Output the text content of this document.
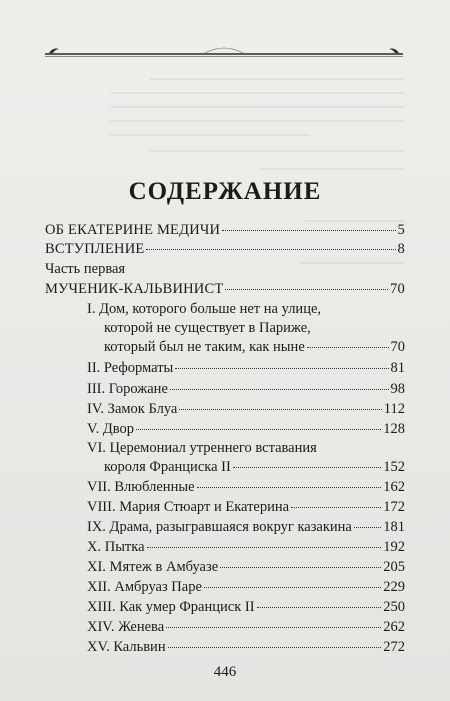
СОДЕРЖАНИЕ
ОБ ЕКАТЕРИНЕ МЕДИЧИ	5
ВСТУПЛЕНИЕ	8
Часть первая
МУЧЕНИК-КАЛЬВИНИСТ	70
I. Дом, которого больше нет на улице,
которой не существует в Париже,
который был не таким, как ныне	70
II. Реформаты	81
III. Горожане	98
IV. Замок Блуа	112
V. Двор	128
VI. Церемониал утреннего вставания
короля Франциска II	152
VII. Влюбленные	162
VIII. Мария Стюарт и Екатерина	172
IX. Драма, разыгравшаяся вокруг казакина 181
X. Пытка	192
XI. Мятеж в Амбуазе	205
XII. Амбруаз Паре	229
XIII. Как умер Франциск II	250
XIV. Женева	262
XV. Кальвин	272
446
